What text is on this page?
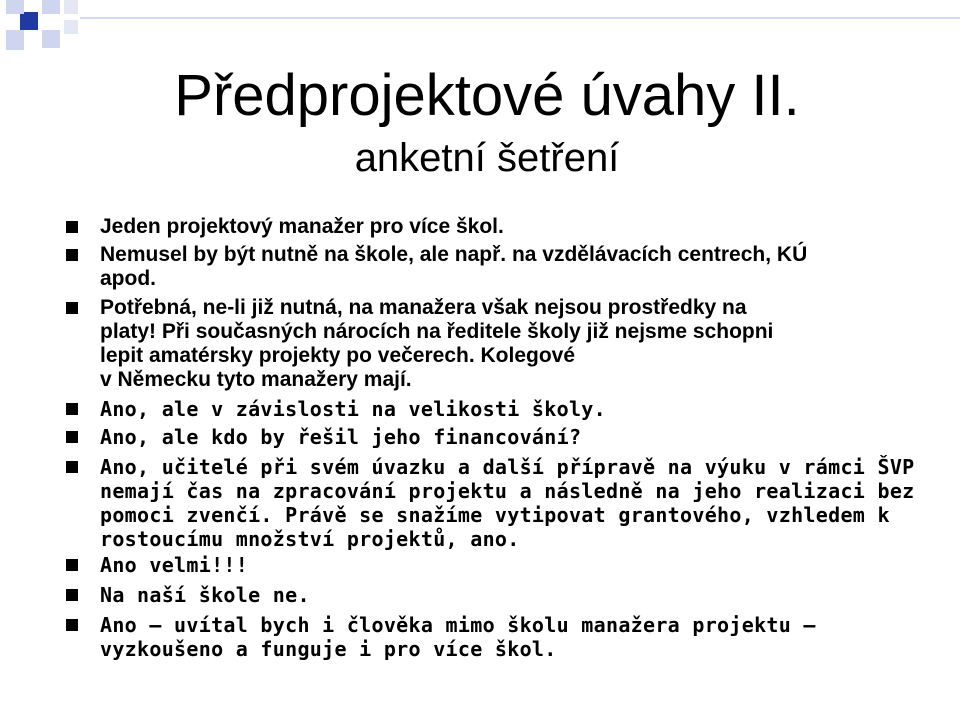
Předprojektové úvahy II.
anketní šetření

Jeden projektový manažer pro více škol.

Nemusel by být nutně na škole, ale např. na vzdělávacích centrech, KÚ
apod.

Potřebná, ne-li již nutná, na manažera však nejsou prostředky na
platy! Při současných nárocích na ředitele školy již nejsme schopni
lepit amatérsky projekty po večerech. Kolegové
v Německu tyto manažery mají.

Ano, ale v závislosti na velikosti školy.

Ano, ale kdo by řešil jeho financování?

Ano, učitelé při svém úvazku a další přípravě na výuku v rámci ŠVP
nemají čas na zpracování projektu a následně na jeho realizaci bez
pomoci zvenčí. Právě se snažíme vytipovat grantového, vzhledem k
rostoucímu množství projektů, ano.

Ano velmi!!!

Na naší škole ne.

Ano – uvítal bych i člověka mimo školu manažera projektu –
vyzkoušeno a funguje i pro více škol.
